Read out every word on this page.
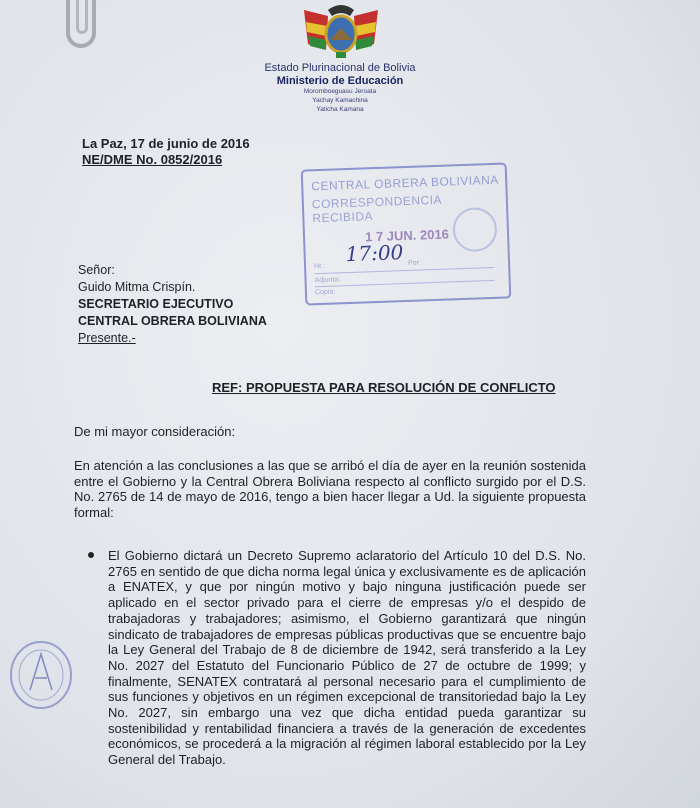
Estado Plurinacional de Bolivia
Ministerio de Educación
Moromboeguasu Jeroata
Yachay Kamachina
Yaticha Kamana
La Paz, 17 de junio de 2016
NE/DME No. 0852/2016
CENTRAL OBRERA BOLIVIANA
CORRESPONDENCIA RECIBIDA
1 7 JUN. 2016
17:00
Hr.:	Por:
Adjunta:
Copia:
Señor:
Guido Mitma Crispín.
SECRETARIO EJECUTIVO
CENTRAL OBRERA BOLIVIANA
Presente.-
REF: PROPUESTA PARA RESOLUCIÓN DE CONFLICTO
De mi mayor consideración:
En atención a las conclusiones a las que se arribó el día de ayer en la reunión sostenida entre el Gobierno y la Central Obrera Boliviana respecto al conflicto surgido por el D.S. No. 2765 de 14 de mayo de 2016, tengo a bien hacer llegar a Ud. la siguiente propuesta formal:
El Gobierno dictará un Decreto Supremo aclaratorio del Artículo 10 del D.S. No. 2765 en sentido de que dicha norma legal única y exclusivamente es de aplicación a ENATEX, y que por ningún motivo y bajo ninguna justificación puede ser aplicado en el sector privado para el cierre de empresas y/o el despido de trabajadoras y trabajadores; asimismo, el Gobierno garantizará que ningún sindicato de trabajadores de empresas públicas productivas que se encuentre bajo la Ley General del Trabajo de 8 de diciembre de 1942, será transferido a la Ley No. 2027 del Estatuto del Funcionario Público de 27 de octubre de 1999; y finalmente, SENATEX contratará al personal necesario para el cumplimiento de sus funciones y objetivos en un régimen excepcional de transitoriedad bajo la Ley No. 2027, sin embargo una vez que dicha entidad pueda garantizar su sostenibilidad y rentabilidad financiera a través de la generación de excedentes económicos, se procederá a la migración al régimen laboral establecido por la Ley General del Trabajo.
